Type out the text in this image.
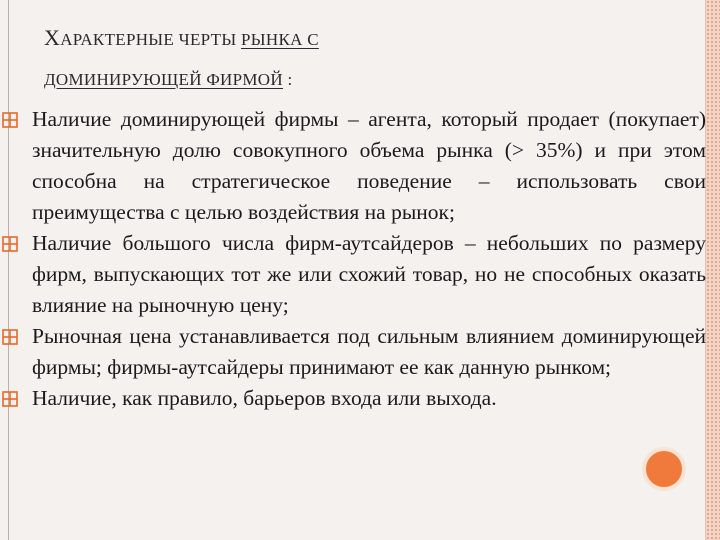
ХАРАКТЕРНЫЕ ЧЕРТЫ РЫНКА С
ДОМИНИРУЮЩЕЙ ФИРМОЙ :
Наличие доминирующей фирмы – агента, который продает (покупает) значительную долю совокупного объема рынка (> 35%) и при этом способна на стратегическое поведение – использовать свои преимущества с целью воздействия на рынок;
Наличие большого числа фирм-аутсайдеров – небольших по размеру фирм, выпускающих тот же или схожий товар, но не способных оказать влияние на рыночную цену;
Рыночная цена устанавливается под сильным влиянием доминирующей фирмы; фирмы-аутсайдеры принимают ее как данную рынком;
Наличие, как правило, барьеров входа или выхода.
